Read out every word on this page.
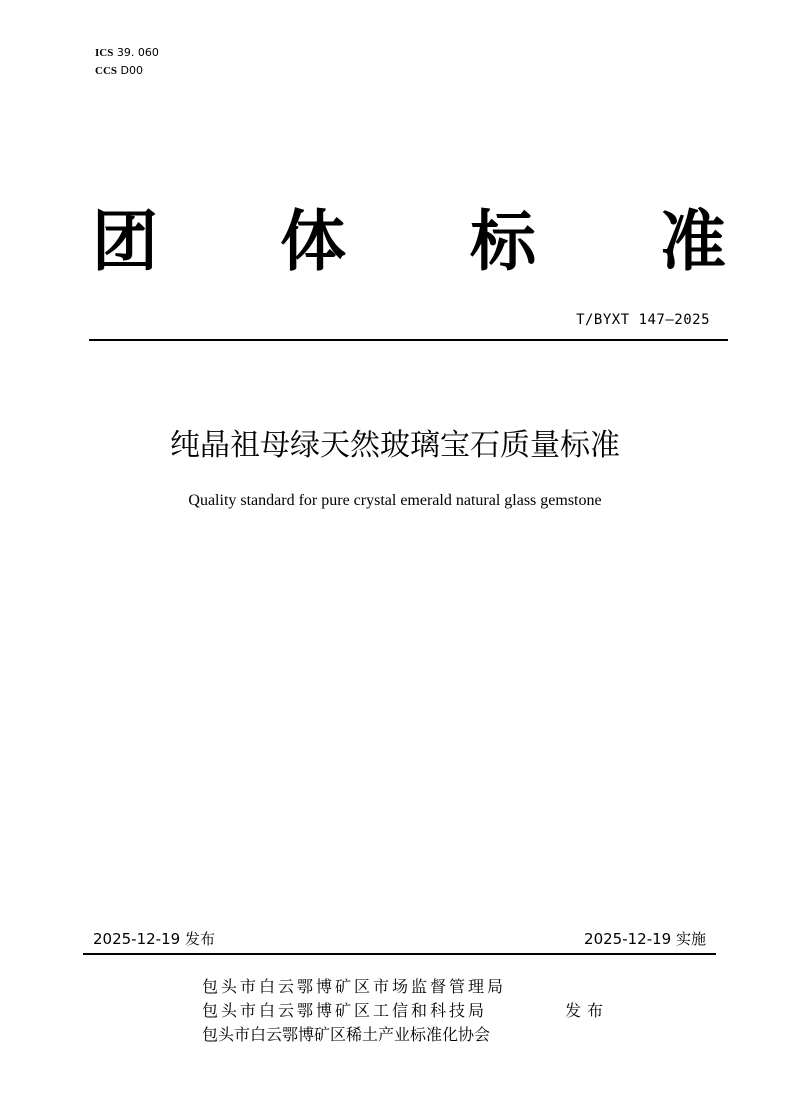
ICS 39. 060
CCS D00
团 体 标 准
T/BYXT 147—2025
纯晶祖母绿天然玻璃宝石质量标准
Quality standard for pure crystal emerald natural glass gemstone
2025-12-19 发布	2025-12-19 实施
包头市白云鄂博矿区市场监督管理局
包头市白云鄂博矿区工信和科技局
包头市白云鄂博矿区稀土产业标准化协会
发布
